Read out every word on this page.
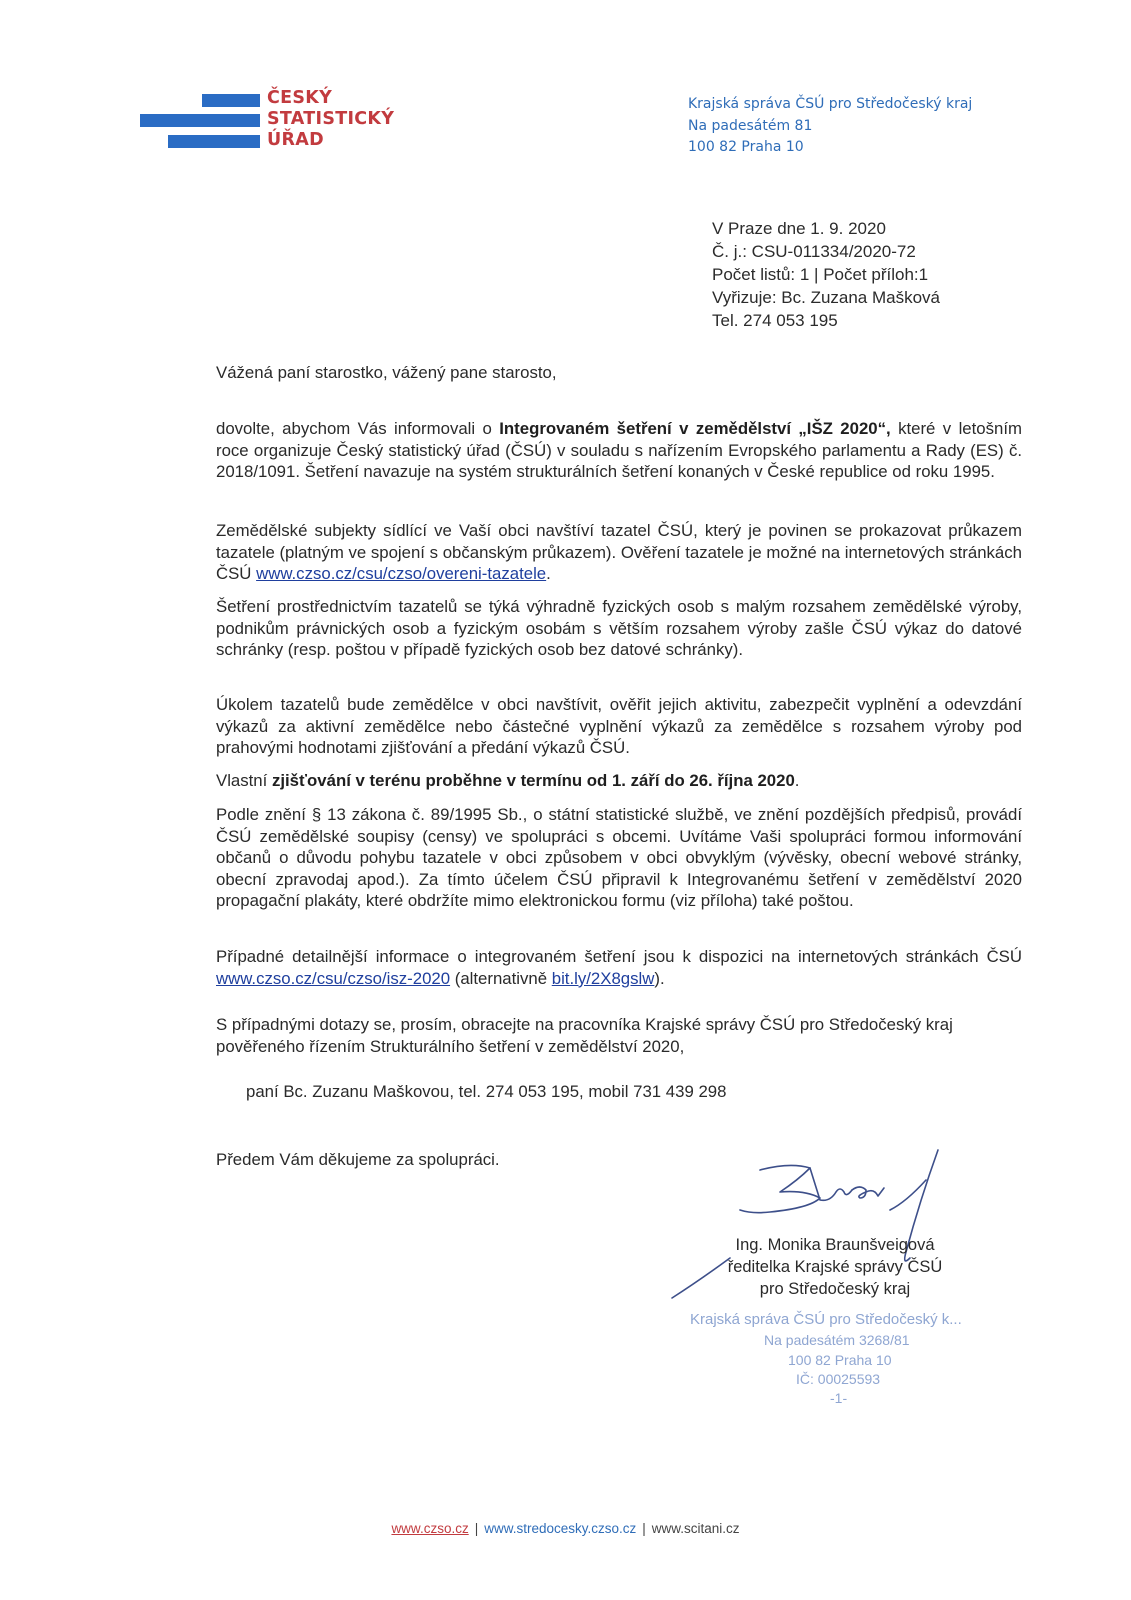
ČESKÝ
STATISTICKÝ
ÚŘAD
Krajská správa ČSÚ pro Středočeský kraj
Na padesátém 81
100 82 Praha 10
V Praze dne 1. 9. 2020
Č. j.: CSU-011334/2020-72
Počet listů: 1 | Počet příloh:1
Vyřizuje: Bc. Zuzana Mašková
Tel. 274 053 195
Vážená paní starostko, vážený pane starosto,
dovolte, abychom Vás informovali o Integrovaném šetření v zemědělství „IŠZ 2020“, které v letošním roce organizuje Český statistický úřad (ČSÚ) v souladu s nařízením Evropského parlamentu a Rady (ES) č. 2018/1091. Šetření navazuje na systém strukturálních šetření konaných v České republice od roku 1995.
Zemědělské subjekty sídlící ve Vaší obci navštíví tazatel ČSÚ, který je povinen se prokazovat průkazem tazatele (platným ve spojení s občanským průkazem). Ověření tazatele je možné na internetových stránkách ČSÚ www.czso.cz/csu/czso/overeni-tazatele.
Šetření prostřednictvím tazatelů se týká výhradně fyzických osob s malým rozsahem zemědělské výroby, podnikům právnických osob a fyzickým osobám s větším rozsahem výroby zašle ČSÚ výkaz do datové schránky (resp. poštou v případě fyzických osob bez datové schránky).
Úkolem tazatelů bude zemědělce v obci navštívit, ověřit jejich aktivitu, zabezpečit vyplnění a odevzdání výkazů za aktivní zemědělce nebo částečné vyplnění výkazů za zemědělce s rozsahem výroby pod prahovými hodnotami zjišťování a předání výkazů ČSÚ.
Vlastní zjišťování v terénu proběhne v termínu od 1. září do 26. října 2020.
Podle znění § 13 zákona č. 89/1995 Sb., o státní statistické službě, ve znění pozdějších předpisů, provádí ČSÚ zemědělské soupisy (censy) ve spolupráci s obcemi. Uvítáme Vaši spolupráci formou informování občanů o důvodu pohybu tazatele v obci způsobem v obci obvyklým (vývěsky, obecní webové stránky, obecní zpravodaj apod.). Za tímto účelem ČSÚ připravil k Integrovanému šetření v zemědělství 2020 propagační plakáty, které obdržíte mimo elektronickou formu (viz příloha) také poštou.
Případné detailnější informace o integrovaném šetření jsou k dispozici na internetových stránkách ČSÚ www.czso.cz/csu/czso/isz-2020 (alternativně bit.ly/2X8gslw).
S případnými dotazy se, prosím, obracejte na pracovníka Krajské správy ČSÚ pro Středočeský kraj pověřeného řízením Strukturálního šetření v zemědělství 2020,
paní Bc. Zuzanu Maškovou, tel. 274 053 195, mobil 731 439 298
Předem Vám děkujeme za spolupráci.
Ing. Monika Braunšveigová
ředitelka Krajské správy ČSÚ
pro Středočeský kraj
Krajská správa ČSÚ pro Středočeský k...
Na padesátém 3268/81
100 82 Praha 10
IČ: 00025593
-1-
www.czso.cz | www.stredocesky.czso.cz | www.scitani.cz
